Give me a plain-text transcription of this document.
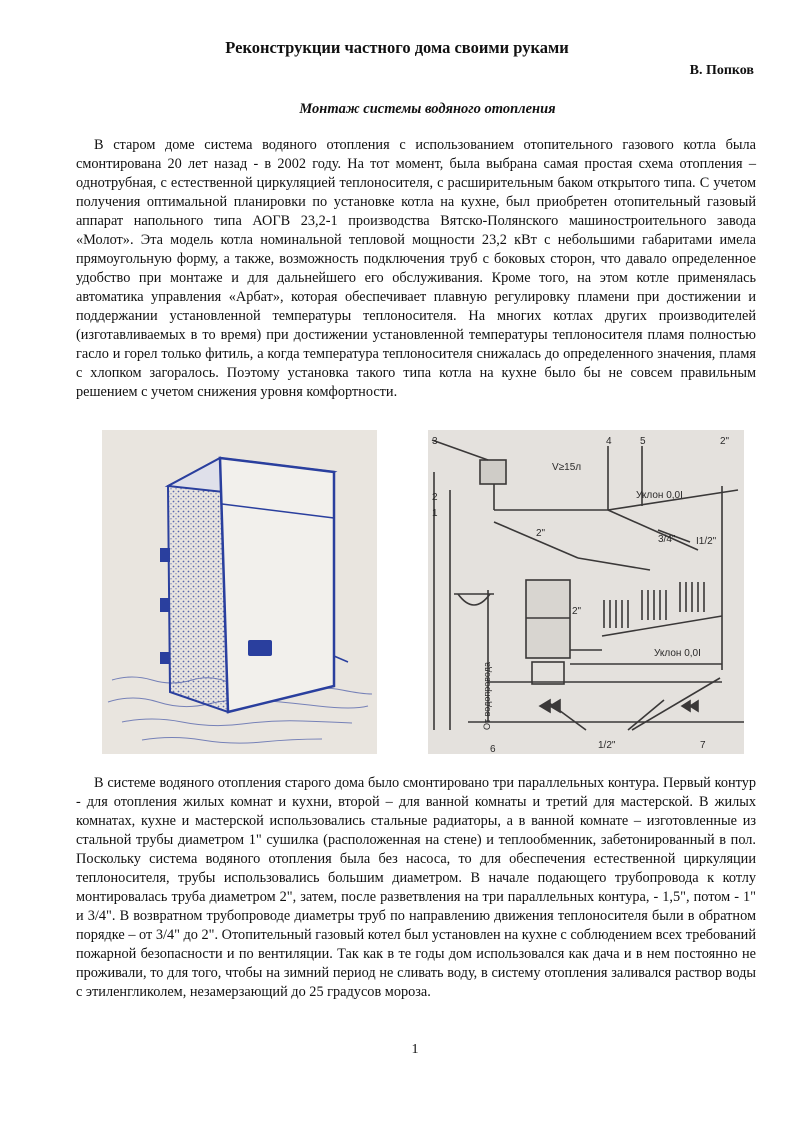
Реконструкции частного дома своими руками
В. Попков
Монтаж системы водяного отопления

В старом доме система водяного отопления с использованием отопительного газового котла была смонтирована 20 лет назад - в 2002 году. На тот момент, была выбрана самая простая схема отопления – однотрубная, с естественной циркуляцией теплоносителя, с расширительным баком открытого типа. С учетом получения оптимальной планировки по установке котла на кухне, был приобретен отопительный газовый аппарат напольного типа АОГВ 23,2-1 производства Вятско-Полянского машиностроительного завода «Молот». Эта модель котла номинальной тепловой мощности 23,2 кВт с небольшими габаритами имела прямоугольную форму, а также, возможность подключения труб с боковых сторон, что давало определенное удобство при монтаже и для дальнейшего его обслуживания. Кроме того, на этом котле применялась автоматика управления «Арбат», которая обеспечивает плавную регулировку пламени при достижении и поддержании установленной температуры теплоносителя. На многих котлах других производителей (изготавливаемых в то время) при достижении установленной температуры теплоносителя пламя полностью гасло и горел только фитиль, а когда температура теплоносителя снижалась до определенного значения, пламя с хлопком загоралось. Поэтому установка такого типа котла на кухне было бы не совсем правильным решением с учетом снижения уровня комфортности.

3
2
1
V≥15л
4	5	2"
Уклон 0,0I
3/4" I1/2"
2"
2"
Уклон 0,0I
6	1/2"	7
От водопровода

В системе водяного отопления старого дома было смонтировано три параллельных контура. Первый контур - для отопления жилых комнат и кухни, второй – для ванной комнаты и третий для мастерской. В жилых комнатах, кухне и мастерской использовались стальные радиаторы, а в ванной комнате – изготовленные из стальной трубы диаметром 1" сушилка (расположенная на стене) и теплообменник, забетонированный в пол. Поскольку система водяного отопления была без насоса, то для обеспечения естественной циркуляции теплоносителя, трубы использовались большим диаметром. В начале подающего трубопровода к котлу монтировалась труба диаметром 2", затем, после разветвления на три параллельных контура, - 1,5", потом - 1" и 3/4". В возвратном трубопроводе диаметры труб по направлению движения теплоносителя были в обратном порядке – от 3/4" до 2". Отопительный газовый котел был установлен на кухне с соблюдением всех требований пожарной безопасности и по вентиляции. Так как в те годы дом использовался как дача и в нем постоянно не проживали, то для того, чтобы на зимний период не сливать воду, в систему отопления заливался раствор воды с этиленгликолем, незамерзающий до 25 градусов мороза.

1
